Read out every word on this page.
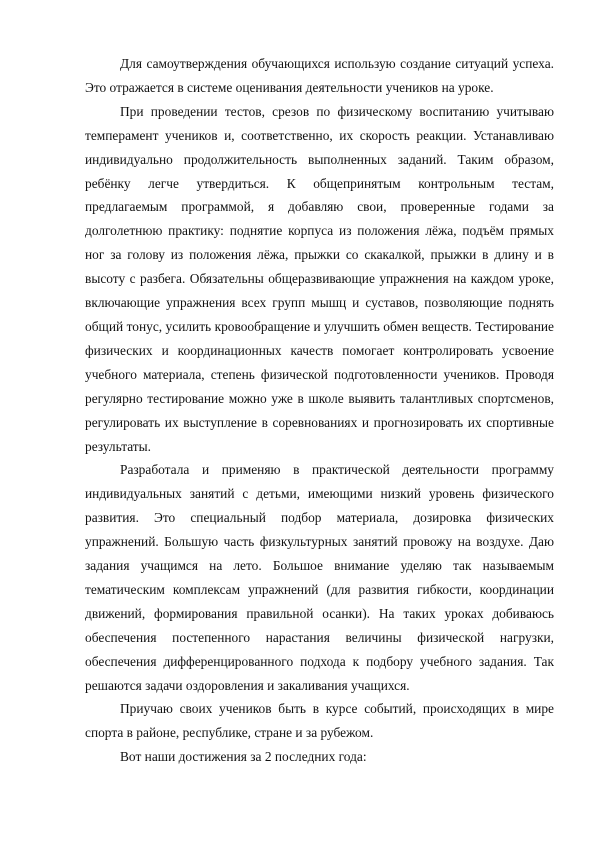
Для самоутверждения обучающихся использую создание ситуаций успеха. Это отражается в системе оценивания деятельности учеников на уроке.

При проведении тестов, срезов по физическому воспитанию учитываю темперамент учеников и, соответственно, их скорость реакции. Устанавливаю индивидуально продолжительность выполненных заданий. Таким образом, ребёнку легче утвердиться. К общепринятым контрольным тестам, предлагаемым программой, я добавляю свои, проверенные годами за долголетнюю практику: поднятие корпуса из положения лёжа, подъём прямых ног за голову из положения лёжа, прыжки со скакалкой, прыжки в длину и в высоту с разбега. Обязательны общеразвивающие упражнения на каждом уроке, включающие упражнения всех групп мышц и суставов, позволяющие поднять общий тонус, усилить кровообращение и улучшить обмен веществ. Тестирование физических и координационных качеств помогает контролировать усвоение учебного материала, степень физической подготовленности учеников. Проводя регулярно тестирование можно уже в школе выявить талантливых спортсменов, регулировать их выступление в соревнованиях и прогнозировать их спортивные результаты.

Разработала и применяю в практической деятельности программу индивидуальных занятий с детьми, имеющими низкий уровень физического развития. Это специальный подбор материала, дозировка физических упражнений. Большую часть физкультурных занятий провожу на воздухе. Даю задания учащимся на лето. Большое внимание уделяю так называемым тематическим комплексам упражнений (для развития гибкости, координации движений, формирования правильной осанки). На таких уроках добиваюсь обеспечения постепенного нарастания величины физической нагрузки, обеспечения дифференцированного подхода к подбору учебного задания. Так решаются задачи оздоровления и закаливания учащихся.

Приучаю своих учеников быть в курсе событий, происходящих в мире спорта в районе, республике, стране и за рубежом.

Вот наши достижения за 2 последних года:
